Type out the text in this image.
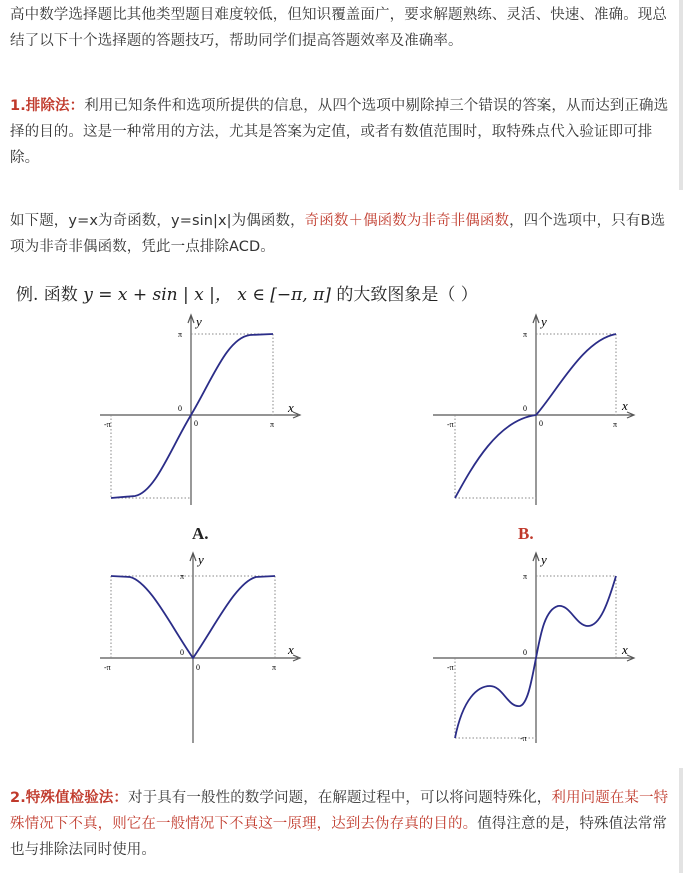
高中数学选择题比其他类型题目难度较低，但知识覆盖面广，要求解题熟练、灵活、快速、准确。现总结了以下十个选择题的答题技巧，帮助同学们提高答题效率及准确率。

1.排除法：利用已知条件和选项所提供的信息，从四个选项中剔除掉三个错误的答案，从而达到正确选择的目的。这是一种常用的方法，尤其是答案为定值，或者有数值范围时，取特殊点代入验证即可排除。

如下题，y=x为奇函数，y=sin|x|为偶函数，奇函数＋偶函数为非奇非偶函数，四个选项中，只有B选项为非奇非偶函数，凭此一点排除ACD。

例. 函数 y = x + sin | x |， x ∈ [−π, π] 的大致图象是（ ）
y
x
0
0
-π	π
π
A.
y
x
0
0
-π	π
π
B.
y
x
0
0
-π	π
π
y
x
0
-π
π
-π

2.特殊值检验法：对于具有一般性的数学问题，在解题过程中，可以将问题特殊化，利用问题在某一特殊情况下不真，则它在一般情况下不真这一原理，达到去伪存真的目的。值得注意的是，特殊值法常常也与排除法同时使用。
